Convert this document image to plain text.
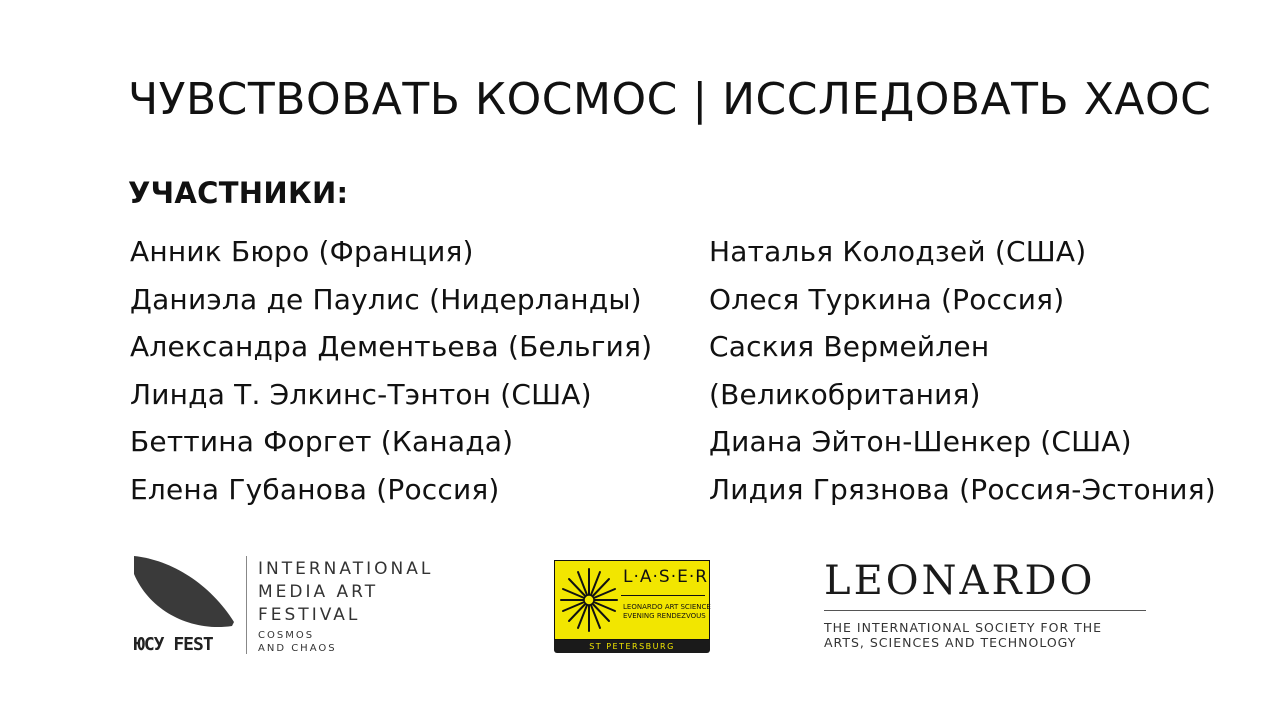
ЧУВСТВОВАТЬ КОСМОС | ИССЛЕДОВАТЬ ХАОС
УЧАСТНИКИ:
Анник Бюро (Франция)
Даниэла де Паулис (Нидерланды)
Александра Дементьева (Бельгия)
Линда Т. Элкинс-Тэнтон (США)
Беттина Форгет (Канада)
Елена Губанова (Россия)
Наталья Колодзей (США)
Олеся Туркина (Россия)
Саския Вермейлен
(Великобритания)
Диана Эйтон-Шенкер (США)
Лидия Грязнова (Россия-Эстония)
ЮСУ FEST
INTERNATIONAL
MEDIA ART
FESTIVAL
COSMOS
AND CHAOS
L·A·S·E·R
LEONARDO ART SCIENCE
EVENING RENDEZVOUS
ST PETERSBURG
LEONARDO
THE INTERNATIONAL SOCIETY FOR THE
ARTS, SCIENCES AND TECHNOLOGY
